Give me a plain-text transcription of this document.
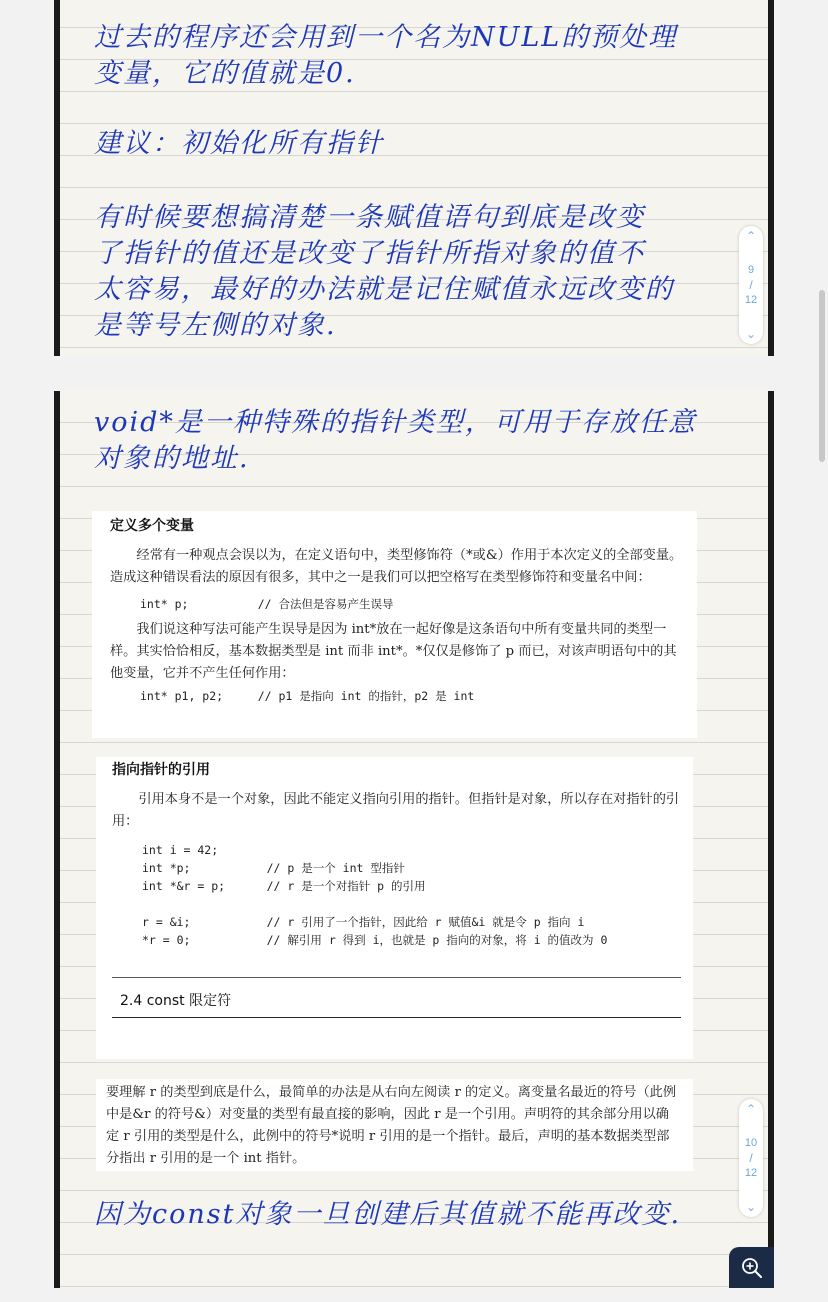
过去的程序还会用到一个名为NULL的预处理

变量，它的值就是0.

建议：初始化所有指针

有时候要想搞清楚一条赋值语句到底是改变

了指针的值还是改变了指针所指对象的值不

太容易，最好的办法就是记住赋值永远改变的

是等号左侧的对象.

⌃
9
/
12
⌄

void*是一种特殊的指针类型，可用于存放任意

对象的地址.

定义多个变量

经常有一种观点会误以为，在定义语句中，类型修饰符（*或&）作用于本次定义的全部变量。造成这种错误看法的原因有很多，其中之一是我们可以把空格写在类型修饰符和变量名中间：

int* p;          // 合法但是容易产生误导

我们说这种写法可能产生误导是因为 int*放在一起好像是这条语句中所有变量共同的类型一样。其实恰恰相反，基本数据类型是 int 而非 int*。*仅仅是修饰了 p 而已，对该声明语句中的其他变量，它并不产生任何作用：

int* p1, p2;     // p1 是指向 int 的指针，p2 是 int
指向指针的引用

引用本身不是一个对象，因此不能定义指向引用的指针。但指针是对象，所以存在对指针的引用：

int i = 42;
int *p;           // p 是一个 int 型指针
int *&r = p;      // r 是一个对指针 p 的引用

r = &i;           // r 引用了一个指针，因此给 r 赋值&i 就是令 p 指向 i
*r = 0;           // 解引用 r 得到 i，也就是 p 指向的对象，将 i 的值改为 0
2.4 const 限定符

要理解 r 的类型到底是什么，最简单的办法是从右向左阅读 r 的定义。离变量名最近的符号（此例中是&r 的符号&）对变量的类型有最直接的影响，因此 r 是一个引用。声明符的其余部分用以确定 r 引用的类型是什么，此例中的符号*说明 r 引用的是一个指针。最后，声明的基本数据类型部分指出 r 引用的是一个 int 指针。

因为const对象一旦创建后其值就不能再改变.

⌃
10
/
12
⌄
